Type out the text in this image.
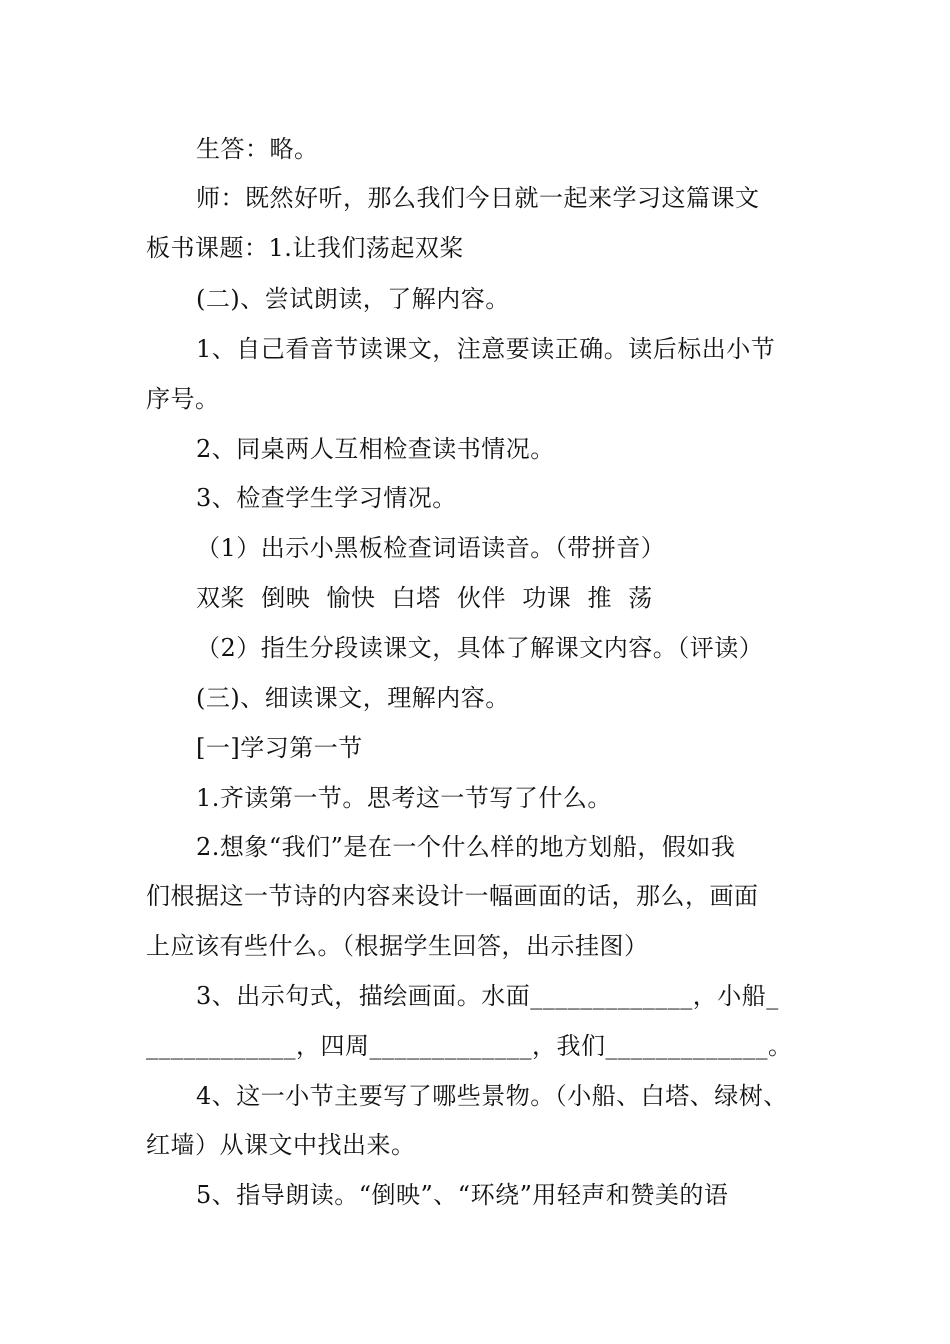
生答：略。
师：既然好听，那么我们今日就一起来学习这篇课文
板书课题：1.让我们荡起双桨
(二)、尝试朗读，了解内容。
1、自己看音节读课文，注意要读正确。读后标出小节
序号。
2、同桌两人互相检查读书情况。
3、检查学生学习情况。
（1）出示小黑板检查词语读音。（带拼音）
双桨  倒映  愉快  白塔  伙伴  功课  推  荡
（2）指生分段读课文，具体了解课文内容。（评读）
(三)、细读课文，理解内容。
[一]学习第一节
1.齐读第一节。思考这一节写了什么。
2.想象“我们”是在一个什么样的地方划船，假如我
们根据这一节诗的内容来设计一幅画面的话，那么，画面
上应该有些什么。（根据学生回答，出示挂图）
3、出示句式，描绘画面。水面_____________，小船_
____________，四周_____________，我们_____________。
4、这一小节主要写了哪些景物。（小船、白塔、绿树、
红墙）从课文中找出来。
5、指导朗读。“倒映”、“环绕”用轻声和赞美的语
